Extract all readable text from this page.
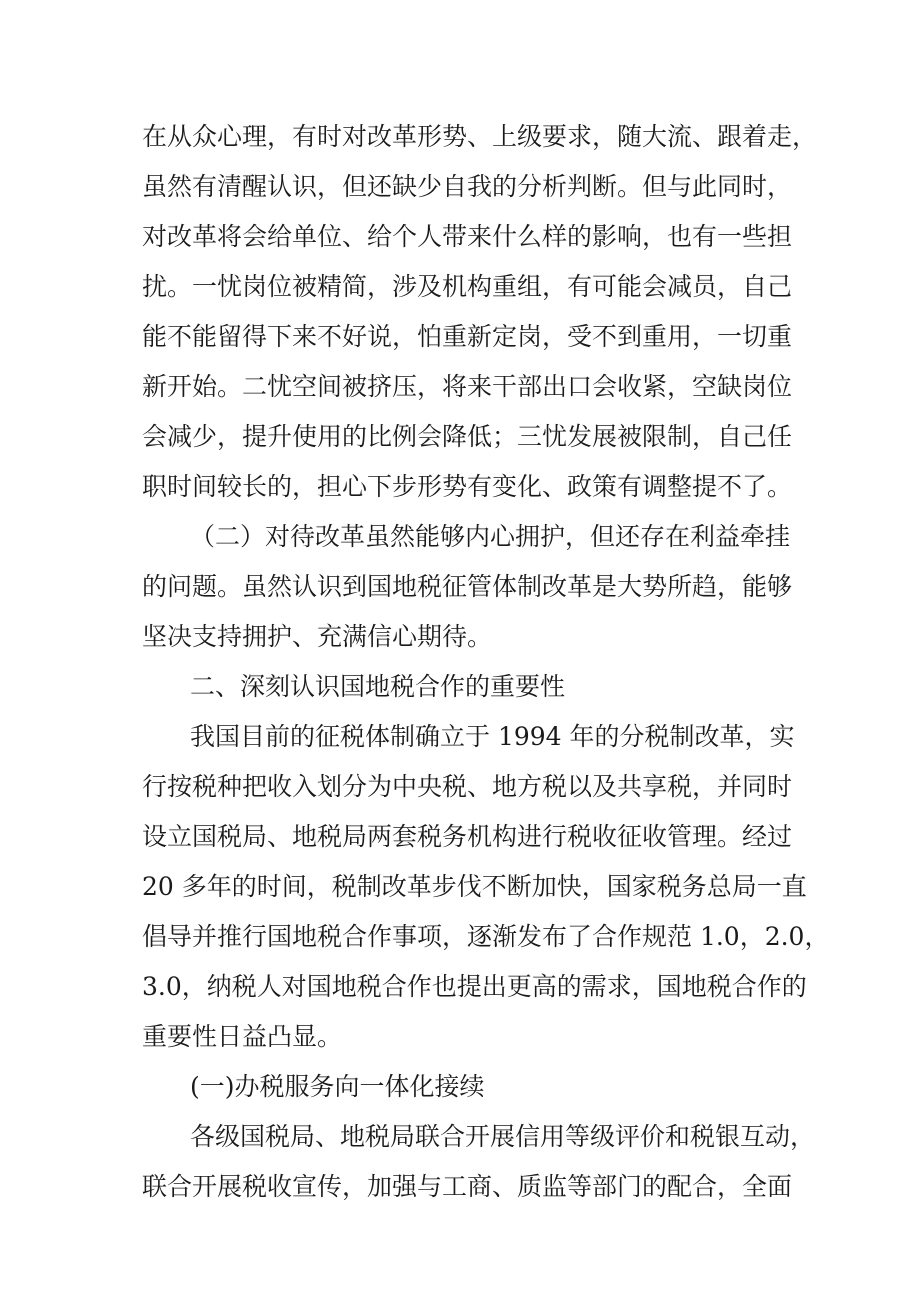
在从众心理，有时对改革形势、上级要求，随大流、跟着走，
虽然有清醒认识，但还缺少自我的分析判断。但与此同时，
对改革将会给单位、给个人带来什么样的影响，也有一些担
扰。一忧岗位被精简，涉及机构重组，有可能会减员，自己
能不能留得下来不好说，怕重新定岗，受不到重用，一切重
新开始。二忧空间被挤压，将来干部出口会收紧，空缺岗位
会减少，提升使用的比例会降低；三忧发展被限制，自己任
职时间较长的，担心下步形势有变化、政策有调整提不了。
（二）对待改革虽然能够内心拥护，但还存在利益牵挂
的问题。虽然认识到国地税征管体制改革是大势所趋，能够
坚决支持拥护、充满信心期待。
二、深刻认识国地税合作的重要性
我国目前的征税体制确立于 1994 年的分税制改革，实
行按税种把收入划分为中央税、地方税以及共享税，并同时
设立国税局、地税局两套税务机构进行税收征收管理。经过
20 多年的时间，税制改革步伐不断加快，国家税务总局一直
倡导并推行国地税合作事项，逐渐发布了合作规范 1.0，2.0，
3.0，纳税人对国地税合作也提出更高的需求，国地税合作的
重要性日益凸显。
(一)办税服务向一体化接续
各级国税局、地税局联合开展信用等级评价和税银互动，
联合开展税收宣传，加强与工商、质监等部门的配合，全面
